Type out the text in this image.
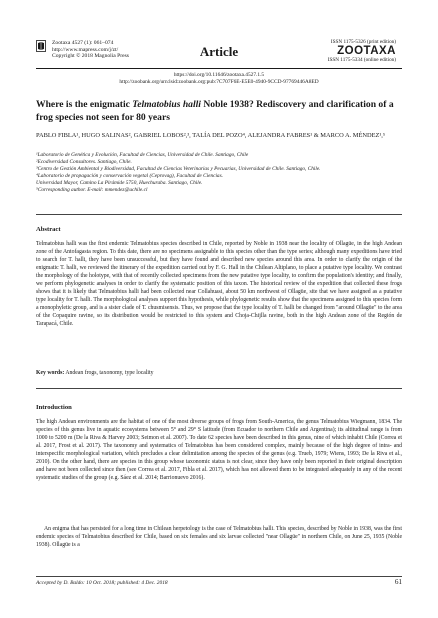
Zootaxa 4527 (1): 061–074
http://www.mapress.com/j/zt/
Copyright © 2018 Magnolia Press	Article
ISSN 1175-5326 (print edition)
ZOOTAXA
ISSN 1175-5334 (online edition)
https://doi.org/10.11646/zootaxa.4527.1.5
http://zoobank.org/urn:lsid:zoobank.org:pub:7C707F6E-E5E0-4940-9CCD-97769446A8ED
Where is the enigmatic Telmatobius halli Noble 1938? Rediscovery and clarification of a frog species not seen for 80 years
PABLO FIBLA¹, HUGO SALINAS², GABRIEL LOBOS²,³, TALÍA DEL POZO⁴, ALEJANDRA FABRES¹ & MARCO A. MÉNDEZ¹,⁵
¹Laboratorio de Genética y Evolución, Facultad de Ciencias, Universidad de Chile. Santiago, Chile
²Ecodiversidad Consultores. Santiago, Chile.
³Centro de Gestión Ambiental y Biodiversidad, Facultad de Ciencias Veterinarias y Pecuarias, Universidad de Chile. Santiago, Chile.
⁴Laboratorio de propagación y conservación vegetal (Ceprovag), Facultad de Ciencias.
Universidad Mayor, Camino La Pirámide 5750, Huechuraba. Santiago, Chile.
⁵Corresponding author. E-mail: mmendez@uchile.cl
Abstract
Telmatobius halli was the first endemic Telmatobius species described in Chile, reported by Noble in 1938 near the locality of Ollagüe, in the high Andean zone of the Antofagasta region. To this date, there are no specimens assignable to this species other than the type series; although many expeditions have tried to search for T. halli, they have been unsuccessful, but they have found and described new species around this area. In order to clarify the origin of the enigmatic T. halli, we reviewed the itinerary of the expedition carried out by F. G. Hall in the Chilean Altiplano, to place a putative type locality. We contrast the morphology of the holotype, with that of recently collected specimens from the new putative type locality, to confirm the population's identity; and finally, we perform phylogenetic analyses in order to clarify the systematic position of this taxon. The historical review of the expedition that collected these frogs shows that it is likely that Telmatobius halli had been collected near Collahuasi, about 50 km northwest of Ollagüe, site that we have assigned as a putative type locality for T. halli. The morphological analyses support this hypothesis, while phylogenetic results show that the specimens assigned to this species form a monophyletic group, and is a sister clade of T. chusmisensis. Thus, we propose that the type locality of T. halli be changed from "around Ollagüe" to the area of the Copaquire ravine, so its distribution would be restricted to this system and Choja-Chijlla ravine, both in the high Andean zone of the Región de Tarapacá, Chile.
Key words: Andean frogs, taxonomy, type locality
Introduction
The high Andean environments are the habitat of one of the most diverse groups of frogs from South-America, the genus Telmatobius Wiegmann, 1834. The species of this genus live in aquatic ecosystems between 5° and 29° S latitude (from Ecuador to northern Chile and Argentina); its altitudinal range is from 1000 to 5200 m (De la Riva & Harvey 2003; Seimon et al. 2007). To date 62 species have been described in this genus, nine of which inhabit Chile (Correa et al. 2017, Frost et al. 2017). The taxonomy and systematics of Telmatobius has been considered complex, mainly because of the high degree of intra- and interspecific morphological variation, which precludes a clear delimitation among the species of the genus (e.g. Trueb, 1979; Wiens, 1993; De la Riva et al., 2010). On the other hand, there are species in this group whose taxonomic status is not clear, since they have only been reported in their original description and have not been collected since then (see Correa et al. 2017, Fibla et al. 2017), which has not allowed them to be integrated adequately in any of the recent systematic studies of the group (e.g. Sáez et al. 2014; Barrionuevo 2016).
An enigma that has persisted for a long time in Chilean herpetology is the case of Telmatobius halli. This species, described by Noble in 1938, was the first endemic species of Telmatobius described for Chile, based on six females and six larvae collected "near Ollagüe" in northern Chile, on June 25, 1935 (Noble 1938). Ollagüe is a
Accepted by D. Baldo: 10 Oct. 2018; published: 4 Dec. 2018	61
